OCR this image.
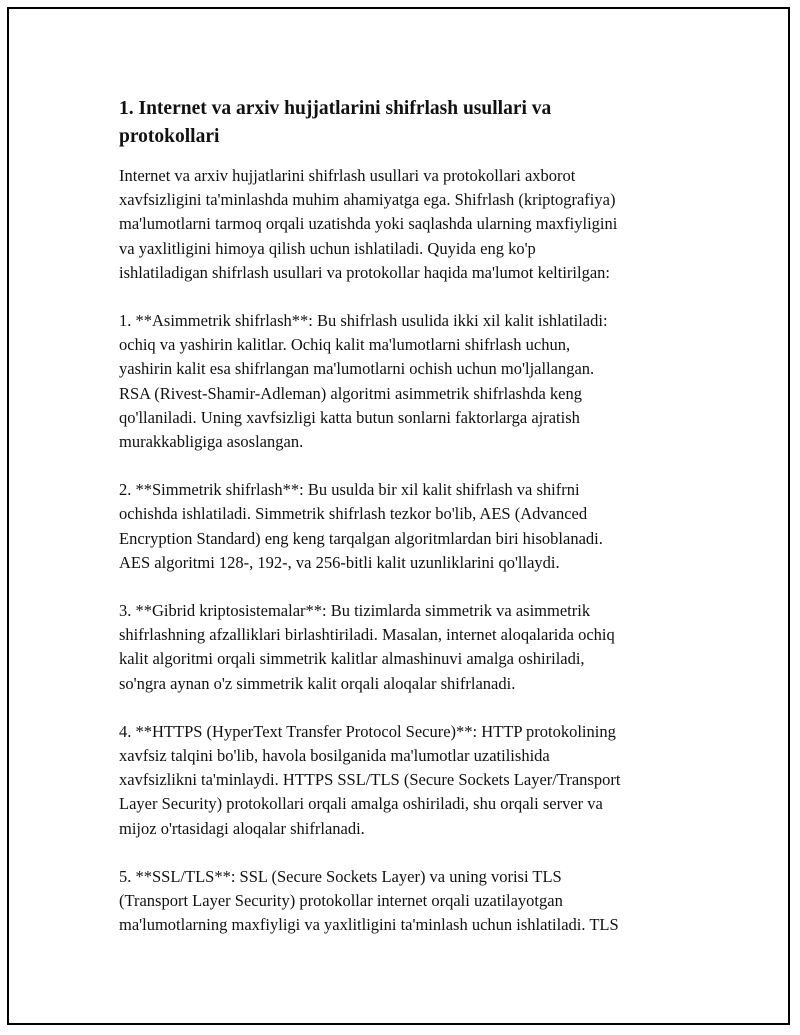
1. Internet va arxiv hujjatlarini shifrlash usullari va
protokollari

Internet va arxiv hujjatlarini shifrlash usullari va protokollari axborot
xavfsizligini ta'minlashda muhim ahamiyatga ega. Shifrlash (kriptografiya)
ma'lumotlarni tarmoq orqali uzatishda yoki saqlashda ularning maxfiyligini
va yaxlitligini himoya qilish uchun ishlatiladi. Quyida eng ko'p
ishlatiladigan shifrlash usullari va protokollar haqida ma'lumot keltirilgan:

1. **Asimmetrik shifrlash**: Bu shifrlash usulida ikki xil kalit ishlatiladi:
ochiq va yashirin kalitlar. Ochiq kalit ma'lumotlarni shifrlash uchun,
yashirin kalit esa shifrlangan ma'lumotlarni ochish uchun mo'ljallangan.
RSA (Rivest-Shamir-Adleman) algoritmi asimmetrik shifrlashda keng
qo'llaniladi. Uning xavfsizligi katta butun sonlarni faktorlarga ajratish
murakkabligiga asoslangan.

2. **Simmetrik shifrlash**: Bu usulda bir xil kalit shifrlash va shifrni
ochishda ishlatiladi. Simmetrik shifrlash tezkor bo'lib, AES (Advanced
Encryption Standard) eng keng tarqalgan algoritmlardan biri hisoblanadi.
AES algoritmi 128-, 192-, va 256-bitli kalit uzunliklarini qo'llaydi.

3. **Gibrid kriptosistemalar**: Bu tizimlarda simmetrik va asimmetrik
shifrlashning afzalliklari birlashtiriladi. Masalan, internet aloqalarida ochiq
kalit algoritmi orqali simmetrik kalitlar almashinuvi amalga oshiriladi,
so'ngra aynan o'z simmetrik kalit orqali aloqalar shifrlanadi.

4. **HTTPS (HyperText Transfer Protocol Secure)**: HTTP protokolining
xavfsiz talqini bo'lib, havola bosilganida ma'lumotlar uzatilishida
xavfsizlikni ta'minlaydi. HTTPS SSL/TLS (Secure Sockets Layer/Transport
Layer Security) protokollari orqali amalga oshiriladi, shu orqali server va
mijoz o'rtasidagi aloqalar shifrlanadi.

5. **SSL/TLS**: SSL (Secure Sockets Layer) va uning vorisi TLS
(Transport Layer Security) protokollar internet orqali uzatilayotgan
ma'lumotlarning maxfiyligi va yaxlitligini ta'minlash uchun ishlatiladi. TLS
